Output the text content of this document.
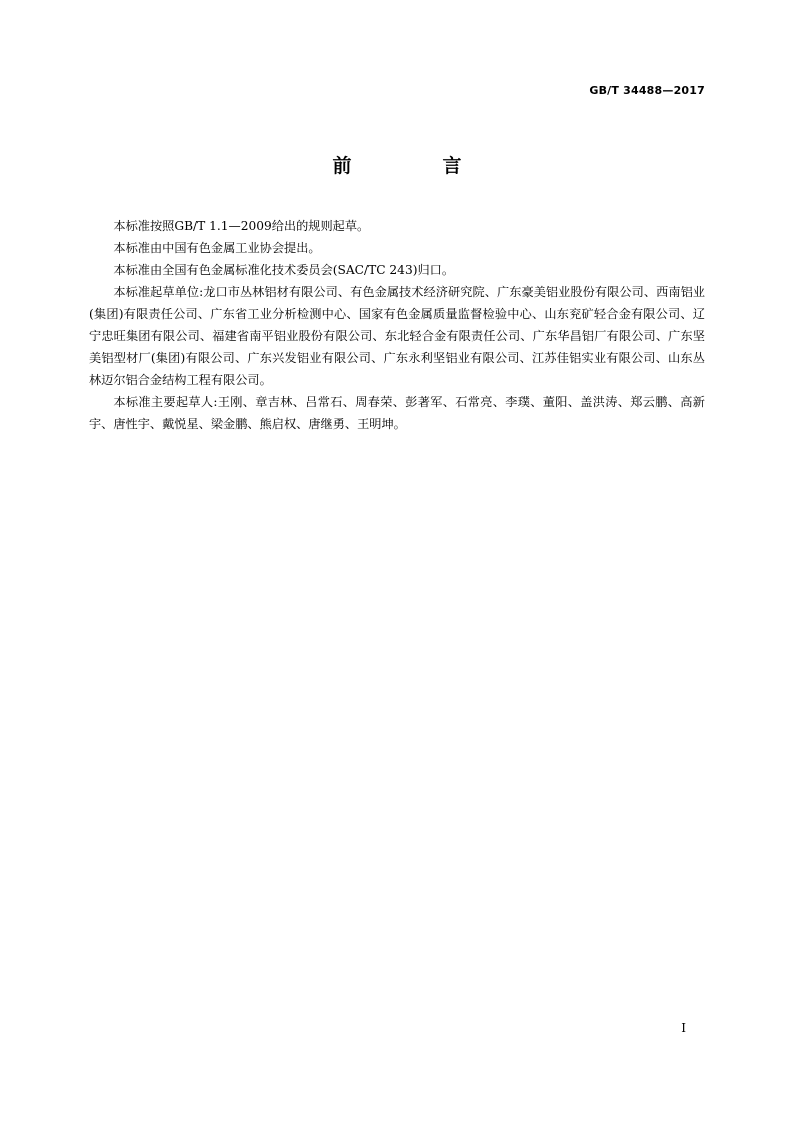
GB/T 34488—2017
前　言

本标准按照GB/T 1.1—2009给出的规则起草。

本标准由中国有色金属工业协会提出。

本标准由全国有色金属标准化技术委员会(SAC/TC 243)归口。

本标准起草单位:龙口市丛林铝材有限公司、有色金属技术经济研究院、广东豪美铝业股份有限公司、西南铝业(集团)有限责任公司、广东省工业分析检测中心、国家有色金属质量监督检验中心、山东兖矿轻合金有限公司、辽宁忠旺集团有限公司、福建省南平铝业股份有限公司、东北轻合金有限责任公司、广东华昌铝厂有限公司、广东坚美铝型材厂(集团)有限公司、广东兴发铝业有限公司、广东永利坚铝业有限公司、江苏佳铝实业有限公司、山东丛林迈尔铝合金结构工程有限公司。

本标准主要起草人:王刚、章吉林、吕常石、周春荣、彭著军、石常亮、李璞、董阳、盖洪涛、郑云鹏、高新宇、唐性宇、戴悦星、梁金鹏、熊启权、唐继勇、王明坤。

I
